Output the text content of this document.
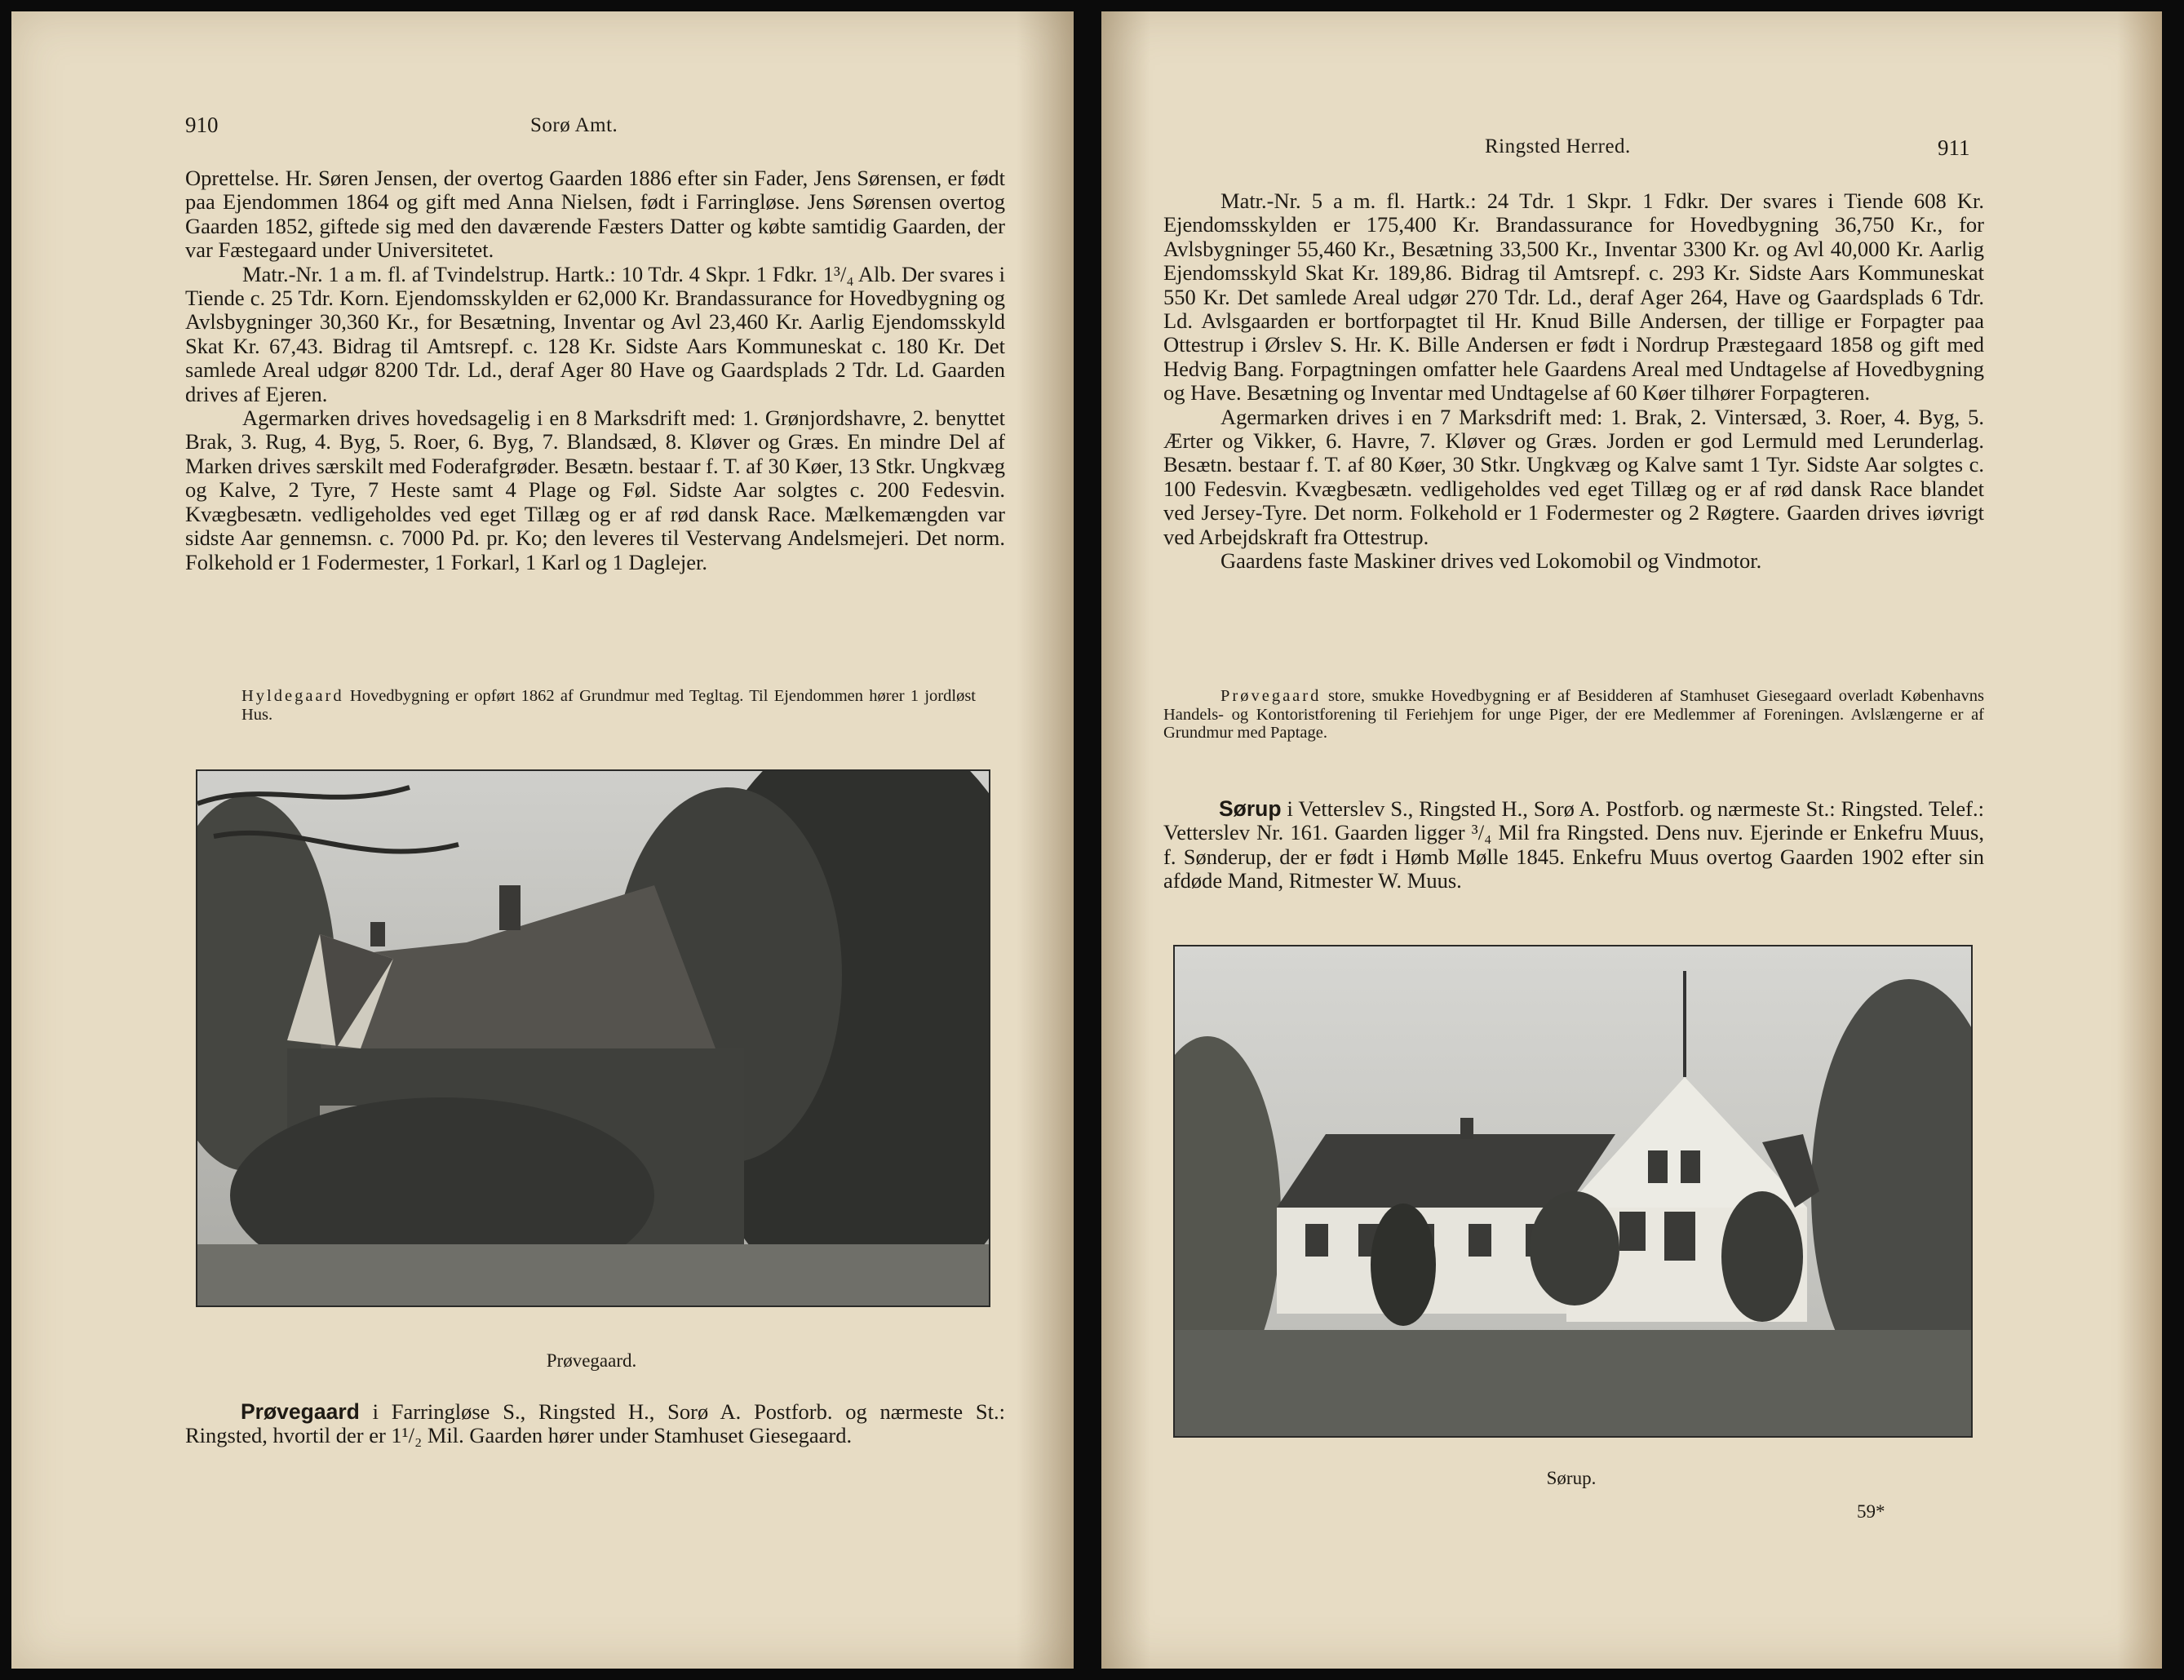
910	Sorø Amt.

Oprettelse. Hr. Søren Jensen, der overtog Gaarden 1886 efter sin Fader, Jens Sørensen, er født paa Ejendommen 1864 og gift med Anna Nielsen, født i Farringløse. Jens Sørensen overtog Gaarden 1852, giftede sig med den daværende Fæsters Datter og købte samtidig Gaarden, der var Fæstegaard under Universitetet.

Matr.-Nr. 1 a m. fl. af Tvindelstrup. Hartk.: 10 Tdr. 4 Skpr. 1 Fdkr. 1³/₄ Alb. Der svares i Tiende c. 25 Tdr. Korn. Ejendomsskylden er 62,000 Kr. Brandassurance for Hovedbygning og Avlsbygninger 30,360 Kr., for Besætning, Inventar og Avl 23,460 Kr. Aarlig Ejendomsskyld Skat Kr. 67,43. Bidrag til Amtsrepf. c. 128 Kr. Sidste Aars Kommuneskat c. 180 Kr. Det samlede Areal udgør 8200 Tdr. Ld., deraf Ager 80 Have og Gaardsplads 2 Tdr. Ld. Gaarden drives af Ejeren.

Agermarken drives hovedsagelig i en 8 Marksdrift med: 1. Grønjordshavre, 2. benyttet Brak, 3. Rug, 4. Byg, 5. Roer, 6. Byg, 7. Blandsæd, 8. Kløver og Græs. En mindre Del af Marken drives særskilt med Foderafgrøder. Besætn. bestaar f. T. af 30 Køer, 13 Stkr. Ungkvæg og Kalve, 2 Tyre, 7 Heste samt 4 Plage og Føl. Sidste Aar solgtes c. 200 Fedesvin. Kvægbesætn. vedligeholdes ved eget Tillæg og er af rød dansk Race. Mælkemængden var sidste Aar gennemsn. c. 7000 Pd. pr. Ko; den leveres til Vestervang Andelsmejeri. Det norm. Folkehold er 1 Fodermester, 1 Forkarl, 1 Karl og 1 Daglejer.

Hyldegaard Hovedbygning er opført 1862 af Grundmur med Tegltag. Til Ejendommen hører 1 jordløst Hus.
Prøvegaard.

Prøvegaard i Farringløse S., Ringsted H., Sorø A. Postforb. og nærmeste St.: Ringsted, hvortil der er 1¹/₂ Mil. Gaarden hører under Stamhuset Giesegaard.

Ringsted Herred.	911

Matr.-Nr. 5 a m. fl. Hartk.: 24 Tdr. 1 Skpr. 1 Fdkr. Der svares i Tiende 608 Kr. Ejendomsskylden er 175,400 Kr. Brandassurance for Hovedbygning 36,750 Kr., for Avlsbygninger 55,460 Kr., Besætning 33,500 Kr., Inventar 3300 Kr. og Avl 40,000 Kr. Aarlig Ejendomsskyld Skat Kr. 189,86. Bidrag til Amtsrepf. c. 293 Kr. Sidste Aars Kommuneskat 550 Kr. Det samlede Areal udgør 270 Tdr. Ld., deraf Ager 264, Have og Gaardsplads 6 Tdr. Ld. Avlsgaarden er bortforpagtet til Hr. Knud Bille Andersen, der tillige er Forpagter paa Ottestrup i Ørslev S. Hr. K. Bille Andersen er født i Nordrup Præstegaard 1858 og gift med Hedvig Bang. Forpagtningen omfatter hele Gaardens Areal med Undtagelse af Hovedbygning og Have. Besætning og Inventar med Undtagelse af 60 Køer tilhører Forpagteren.

Agermarken drives i en 7 Marksdrift med: 1. Brak, 2. Vintersæd, 3. Roer, 4. Byg, 5. Ærter og Vikker, 6. Havre, 7. Kløver og Græs. Jorden er god Lermuld med Lerunderlag. Besætn. bestaar f. T. af 80 Køer, 30 Stkr. Ungkvæg og Kalve samt 1 Tyr. Sidste Aar solgtes c. 100 Fedesvin. Kvægbesætn. vedligeholdes ved eget Tillæg og er af rød dansk Race blandet ved Jersey-Tyre. Det norm. Folkehold er 1 Fodermester og 2 Røgtere. Gaarden drives iøvrigt ved Arbejdskraft fra Ottestrup.

Gaardens faste Maskiner drives ved Lokomobil og Vindmotor.

Prøvegaard store, smukke Hovedbygning er af Besidderen af Stamhuset Giesegaard overladt Københavns Handels- og Kontoristforening til Feriehjem for unge Piger, der ere Medlemmer af Foreningen. Avlslængerne er af Grundmur med Paptage.

Sørup i Vetterslev S., Ringsted H., Sorø A. Postforb. og nærmeste St.: Ringsted. Telef.: Vetterslev Nr. 161. Gaarden ligger ³/₄ Mil fra Ringsted. Dens nuv. Ejerinde er Enkefru Muus, f. Sønderup, der er født i Hømb Mølle 1845. Enkefru Muus overtog Gaarden 1902 efter sin afdøde Mand, Ritmester W. Muus.

Sørup.
59*
